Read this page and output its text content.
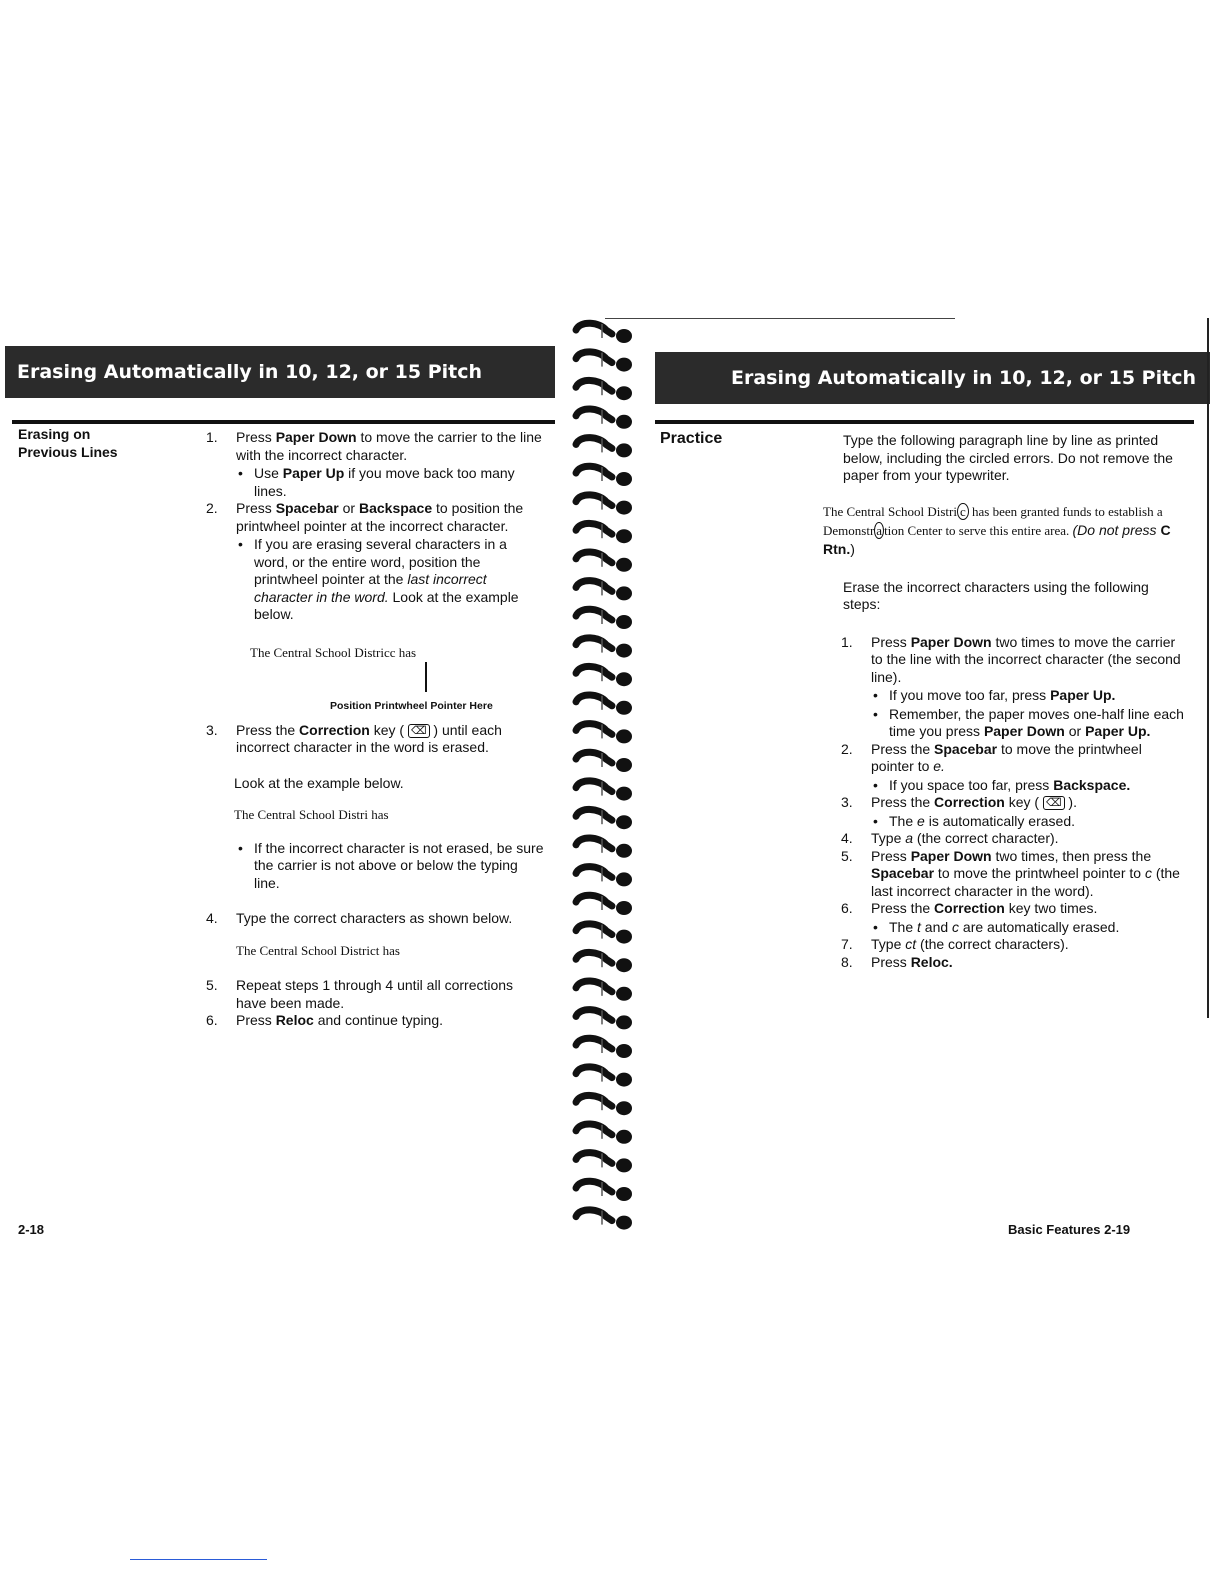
Erasing Automatically in 10, 12, or 15 Pitch
Erasing on
Previous Lines
1. Press Paper Down to move the carrier to the line with the incorrect character.
• Use Paper Up if you move back too many lines.
2. Press Spacebar or Backspace to position the printwheel pointer at the incorrect character.
• If you are erasing several characters in a word, or the entire word, position the printwheel pointer at the last incorrect character in the word. Look at the example below.
The Central School Districc has
Position Printwheel Pointer Here
3. Press the Correction key ( ⌫ ) until each incorrect character in the word is erased.
Look at the example below.
The Central School Distri has
• If the incorrect character is not erased, be sure the carrier is not above or below the typing line.
4. Type the correct characters as shown below.
The Central School District has
5. Repeat steps 1 through 4 until all corrections have been made.
6. Press Reloc and continue typing.
2-18
Erasing Automatically in 10, 12, or 15 Pitch
Practice	Type the following paragraph line by line as printed below, including the circled errors. Do not remove the paper from your typewriter.

The Central School Distri c has been granted funds to establish a Demonstr a tion Center to serve this entire area. (Do not press C Rtn.)

Erase the incorrect characters using the following steps:

1. Press Paper Down two times to move the carrier to the line with the incorrect character (the second line).
• If you move too far, press Paper Up.
• Remember, the paper moves one-half line each time you press Paper Down or Paper Up.
2. Press the Spacebar to move the printwheel pointer to e.
• If you space too far, press Backspace.
3. Press the Correction key ( ⌫ ).
• The e is automatically erased.
4. Type a (the correct character).
5. Press Paper Down two times, then press the Spacebar to move the printwheel pointer to c (the last incorrect character in the word).
6. Press the Correction key two times.
• The t and c are automatically erased.
7. Type ct (the correct characters).
8. Press Reloc.
Basic Features 2-19
